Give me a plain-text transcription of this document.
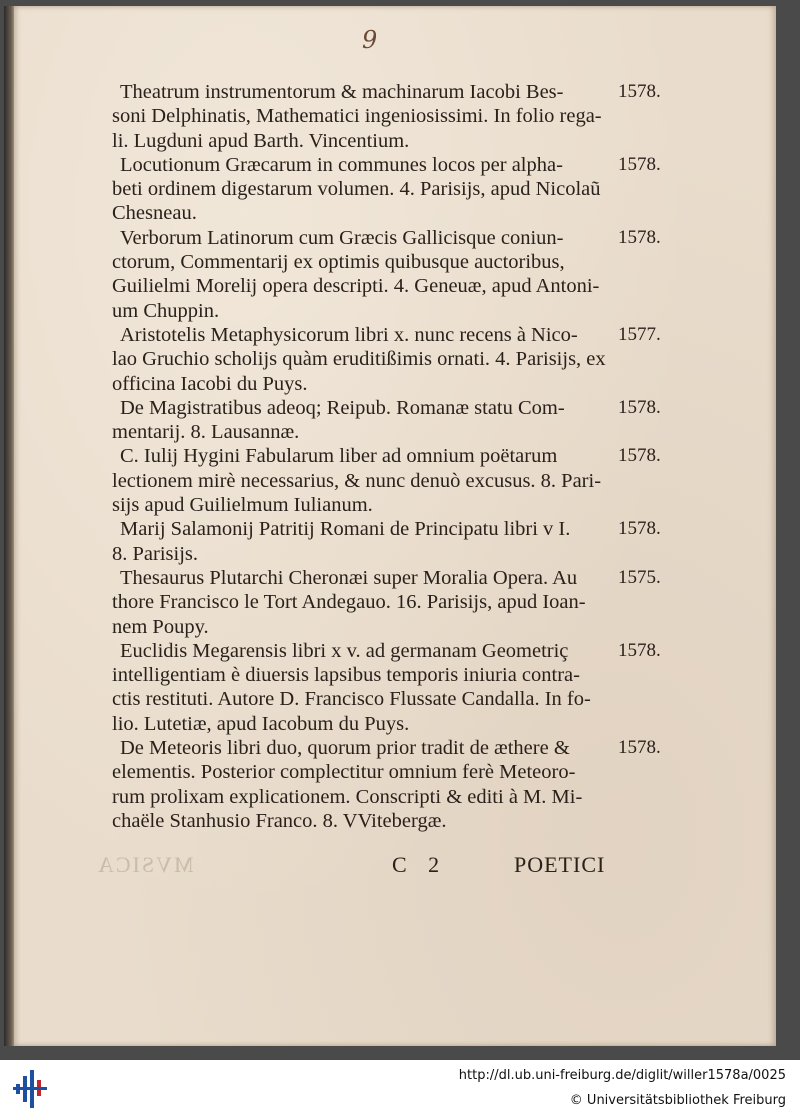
9
Theatrum instrumentorum & machinarum Iacobi Bes-
soni Delphinatis, Mathematici ingeniosissimi. In folio rega-
li. Lugduni apud Barth. Vincentium.
1578.
Locutionum Græcarum in communes locos per alpha-
beti ordinem digestarum volumen. 4. Parisijs, apud Nicolaũ
Chesneau.
1578.
Verborum Latinorum cum Græcis Gallicisque coniun-
ctorum, Commentarij ex optimis quibusque auctoribus,
Guilielmi Morelij opera descripti. 4. Geneuæ, apud Antoni-
um Chuppin.
1578.
Aristotelis Metaphysicorum libri x. nunc recens à Nico-
lao Gruchio scholijs quàm eruditißimis ornati. 4. Parisijs, ex
officina Iacobi du Puys.
1577.
De Magistratibus adeoq; Reipub. Romanæ statu Com-
mentarij. 8. Lausannæ.
1578.
C. Iulij Hygini Fabularum liber ad omnium poëtarum
lectionem mirè necessarius, & nunc denuò excusus. 8. Pari-
sijs apud Guilielmum Iulianum.
1578.
Marij Salamonij Patritij Romani de Principatu libri v I.
8. Parisijs.
1578.
Thesaurus Plutarchi Cheronæi super Moralia Opera. Au
thore Francisco le Tort Andegauo. 16. Parisijs, apud Ioan-
nem Poupy.
1575.
Euclidis Megarensis libri x v. ad germanam Geometriç
intelligentiam è diuersis lapsibus temporis iniuria contra-
ctis restituti. Autore D. Francisco Flussate Candalla. In fo-
lio. Lutetiæ, apud Iacobum du Puys.
1578.
De Meteoris libri duo, quorum prior tradit de æthere &
elementis. Posterior complectitur omnium ferè Meteoro-
rum prolixam explicationem. Conscripti & editi à M. Mi-
chaële Stanhusio Franco. 8. VVitebergæ.
1578.
MVSICA	C 2	POETICI
http://dl.ub.uni-freiburg.de/diglit/willer1578a/0025
© Universitätsbibliothek Freiburg
